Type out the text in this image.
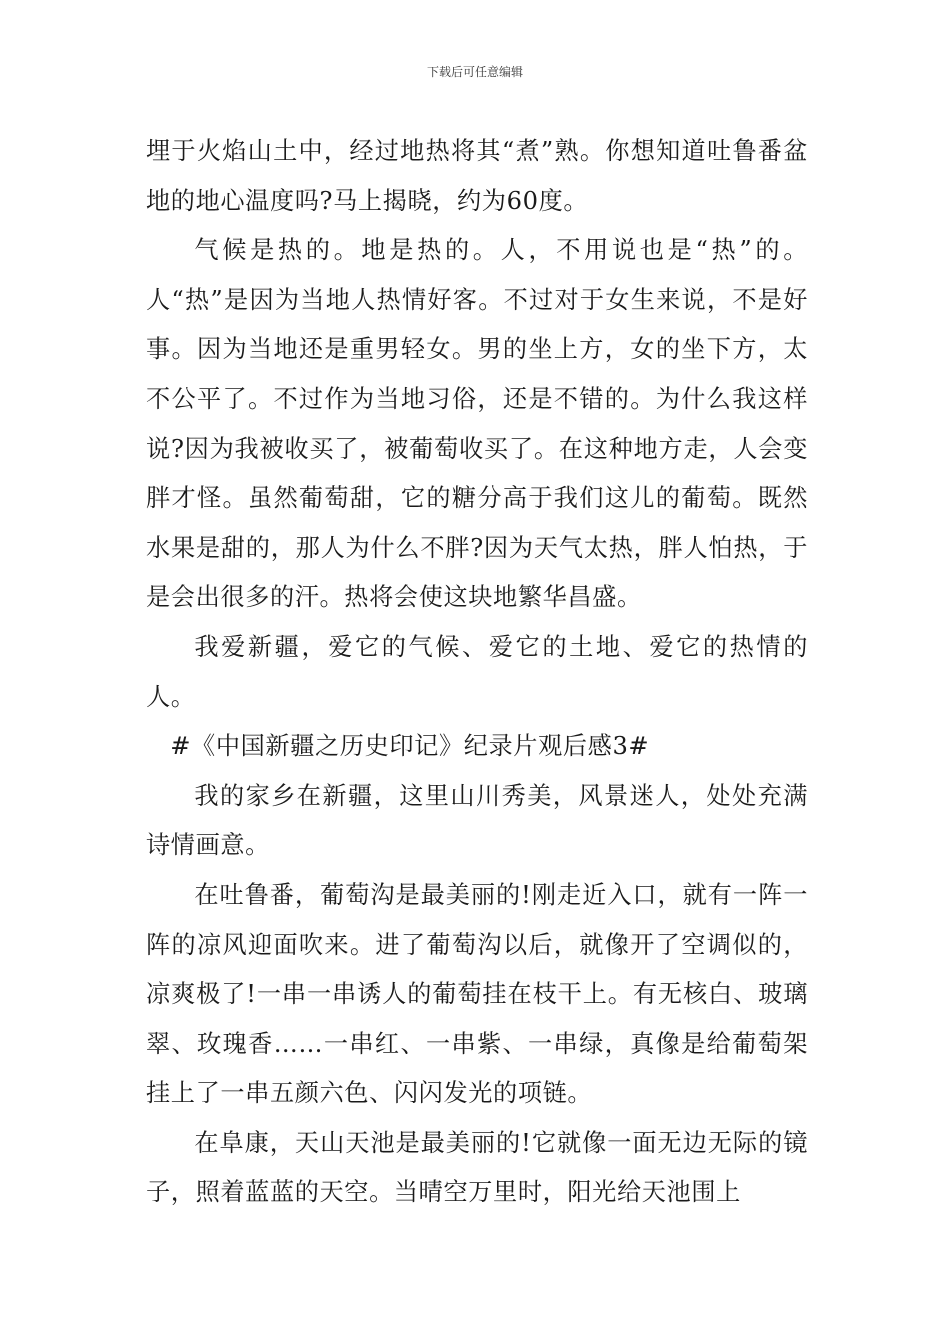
下载后可任意编辑

埋于火焰山土中，经过地热将其“煮”熟。你想知道吐鲁番盆地的地心温度吗?马上揭晓，约为60度。

气候是热的。地是热的。人，不用说也是“热”的。人“热”是因为当地人热情好客。不过对于女生来说，不是好事。因为当地还是重男轻女。男的坐上方，女的坐下方，太不公平了。不过作为当地习俗，还是不错的。为什么我这样说?因为我被收买了，被葡萄收买了。在这种地方走，人会变胖才怪。虽然葡萄甜，它的糖分高于我们这儿的葡萄。既然水果是甜的，那人为什么不胖?因为天气太热，胖人怕热，于是会出很多的汗。热将会使这块地繁华昌盛。

我爱新疆，爱它的气候、爱它的土地、爱它的热情的人。

#《中国新疆之历史印记》纪录片观后感3#

我的家乡在新疆，这里山川秀美，风景迷人，处处充满诗情画意。

在吐鲁番，葡萄沟是最美丽的!刚走近入口，就有一阵一阵的凉风迎面吹来。进了葡萄沟以后，就像开了空调似的，凉爽极了!一串一串诱人的葡萄挂在枝干上。有无核白、玻璃翠、玫瑰香……一串红、一串紫、一串绿，真像是给葡萄架挂上了一串五颜六色、闪闪发光的项链。

在阜康，天山天池是最美丽的!它就像一面无边无际的镜子，照着蓝蓝的天空。当晴空万里时，阳光给天池围上
